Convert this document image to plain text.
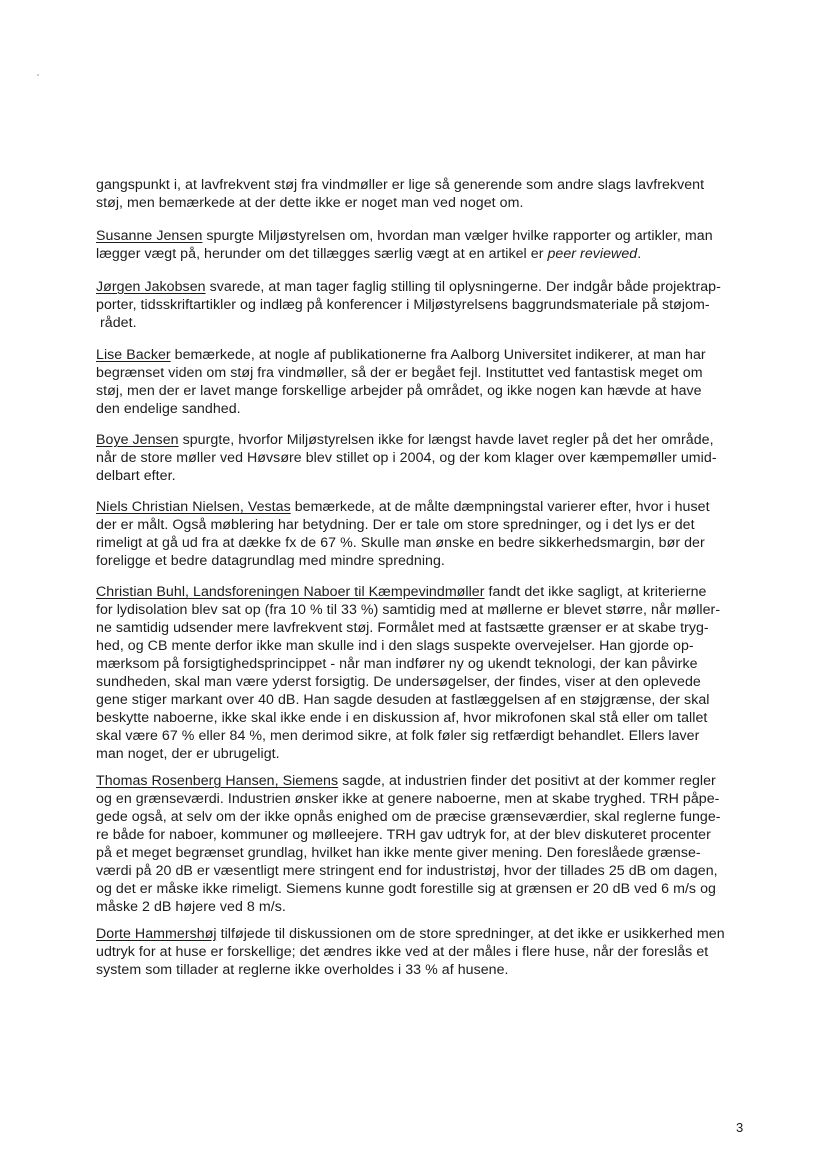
gangspunkt i, at lavfrekvent støj fra vindmøller er lige så generende som andre slags lavfrekvent
støj, men bemærkede at der dette ikke er noget man ved noget om.
Susanne Jensen spurgte Miljøstyrelsen om, hvordan man vælger hvilke rapporter og artikler, man
lægger vægt på, herunder om det tillægges særlig vægt at en artikel er peer reviewed.
Jørgen Jakobsen svarede, at man tager faglig stilling til oplysningerne. Der indgår både projektrap-
porter, tidsskriftartikler og indlæg på konferencer i Miljøstyrelsens baggrundsmateriale på støjom-
rådet.
Lise Backer bemærkede, at nogle af publikationerne fra Aalborg Universitet indikerer, at man har
begrænset viden om støj fra vindmøller, så der er begået fejl. Instituttet ved fantastisk meget om
støj, men der er lavet mange forskellige arbejder på området, og ikke nogen kan hævde at have
den endelige sandhed.
Boye Jensen spurgte, hvorfor Miljøstyrelsen ikke for længst havde lavet regler på det her område,
når de store møller ved Høvsøre blev stillet op i 2004, og der kom klager over kæmpemøller umid-
delbart efter.
Niels Christian Nielsen, Vestas bemærkede, at de målte dæmpningstal varierer efter, hvor i huset
der er målt. Også møblering har betydning. Der er tale om store spredninger, og i det lys er det
rimeligt at gå ud fra at dække fx de 67 %. Skulle man ønske en bedre sikkerhedsmargin, bør der
foreligge et bedre datagrundlag med mindre spredning.
Christian Buhl, Landsforeningen Naboer til Kæmpevindmøller fandt det ikke sagligt, at kriterierne
for lydisolation blev sat op (fra 10 % til 33 %) samtidig med at møllerne er blevet større, når møller-
ne samtidig udsender mere lavfrekvent støj. Formålet med at fastsætte grænser er at skabe tryg-
hed, og CB mente derfor ikke man skulle ind i den slags suspekte overvejelser. Han gjorde op-
mærksom på forsigtighedsprincippet - når man indfører ny og ukendt teknologi, der kan påvirke
sundheden, skal man være yderst forsigtig. De undersøgelser, der findes, viser at den oplevede
gene stiger markant over 40 dB. Han sagde desuden at fastlæggelsen af en støjgrænse, der skal
beskytte naboerne, ikke skal ikke ende i en diskussion af, hvor mikrofonen skal stå eller om tallet
skal være 67 % eller 84 %, men derimod sikre, at folk føler sig retfærdigt behandlet. Ellers laver
man noget, der er ubrugeligt.
Thomas Rosenberg Hansen, Siemens sagde, at industrien finder det positivt at der kommer regler
og en grænseværdi. Industrien ønsker ikke at genere naboerne, men at skabe tryghed. TRH påpe-
gede også, at selv om der ikke opnås enighed om de præcise grænseværdier, skal reglerne funge-
re både for naboer, kommuner og mølleejere. TRH gav udtryk for, at der blev diskuteret procenter
på et meget begrænset grundlag, hvilket han ikke mente giver mening. Den foreslåede grænse-
værdi på 20 dB er væsentligt mere stringent end for industristøj, hvor der tillades 25 dB om dagen,
og det er måske ikke rimeligt. Siemens kunne godt forestille sig at grænsen er 20 dB ved 6 m/s og
måske 2 dB højere ved 8 m/s.
Dorte Hammershøj tilføjede til diskussionen om de store spredninger, at det ikke er usikkerhed men
udtryk for at huse er forskellige; det ændres ikke ved at der måles i flere huse, når der foreslås et
system som tillader at reglerne ikke overholdes i 33 % af husene.
3
